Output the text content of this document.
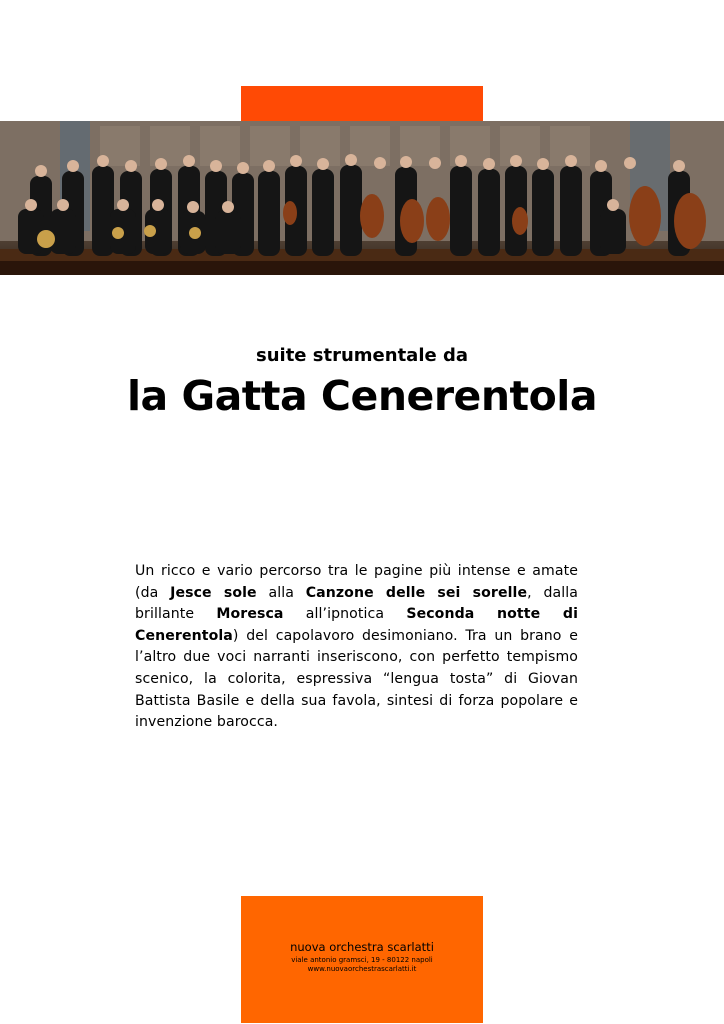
suite strumentale da
la Gatta Cenerentola
Un ricco e vario percorso tra le pagine più intense e amate (da Jesce sole alla Canzone delle sei sorelle, dalla brillante Moresca all’ipnotica Seconda notte di Cenerentola) del capolavoro desimoniano. Tra un brano e l’altro due voci narranti inseriscono, con perfetto tempismo scenico, la colorita, espressiva “lengua tosta” di Giovan Battista Basile e della sua favola, sintesi di forza popolare e invenzione barocca.
nuova orchestra scarlatti
viale antonio gramsci, 19 - 80122 napoli
www.nuovaorchestrascarlatti.it
